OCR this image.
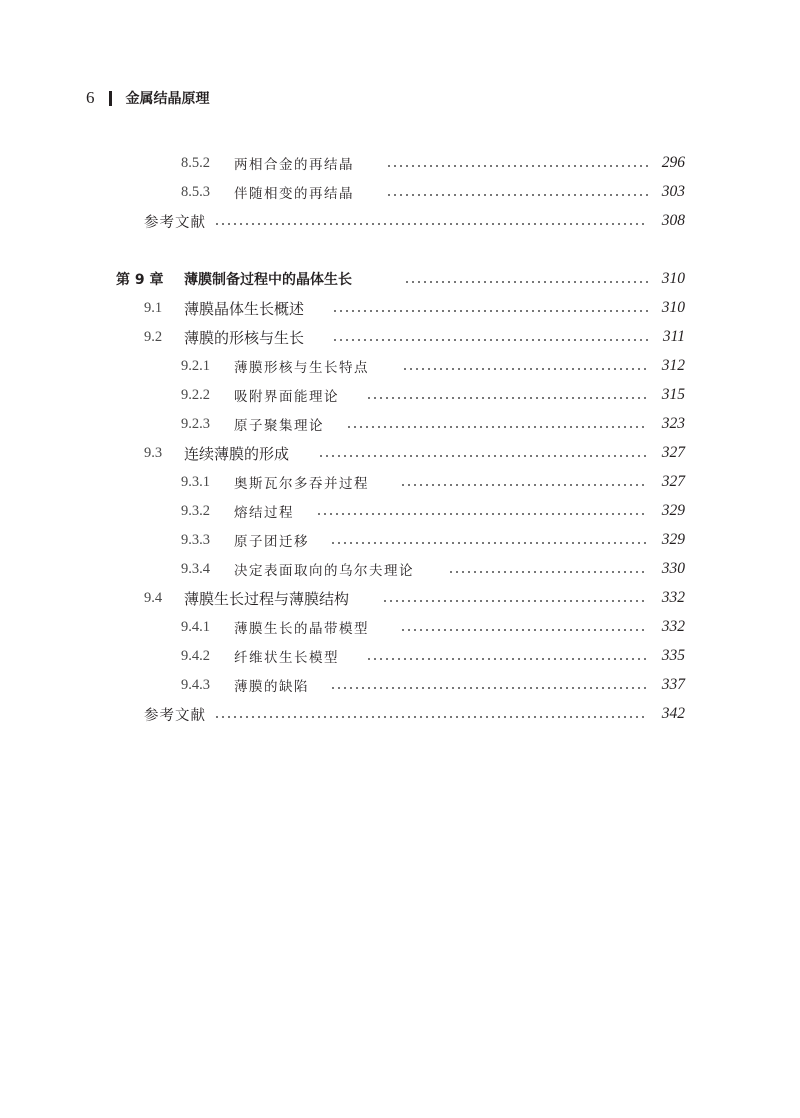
6 金属结晶原理
8.5.2 两相合金的再结晶	296
8.5.3 伴随相变的再结晶	303
参考文献	308
第 9 章 薄膜制备过程中的晶体生长	310
9.1 薄膜晶体生长概述	310
9.2 薄膜的形核与生长	311
9.2.1 薄膜形核与生长特点	312
9.2.2 吸附界面能理论	315
9.2.3 原子聚集理论	323
9.3 连续薄膜的形成	327
9.3.1 奥斯瓦尔多吞并过程	327
9.3.2 熔结过程	329
9.3.3 原子团迁移	329
9.3.4 决定表面取向的乌尔夫理论	330
9.4 薄膜生长过程与薄膜结构	332
9.4.1 薄膜生长的晶带模型	332
9.4.2 纤维状生长模型	335
9.4.3 薄膜的缺陷	337
参考文献	342
